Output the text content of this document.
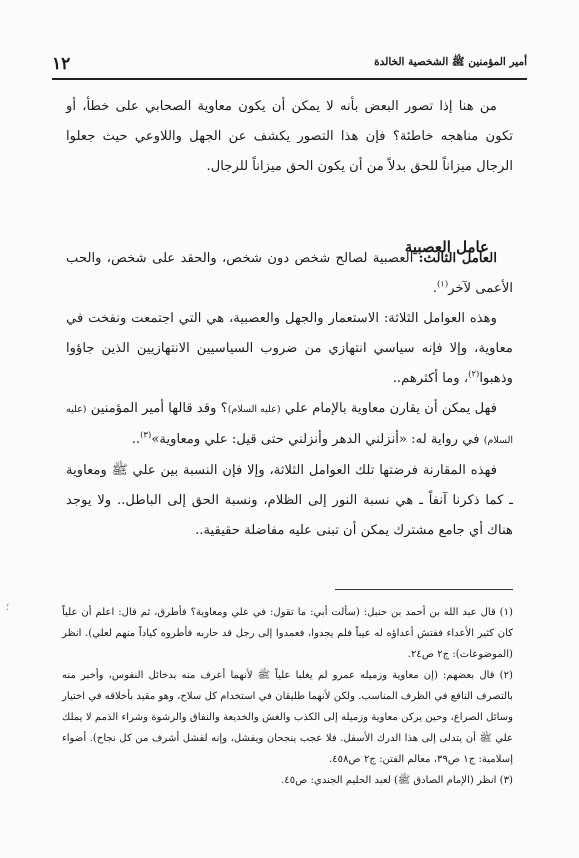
أمير المؤمنين ﷺ الشخصية الخالدة
١٢

من هنا إذا تصور البعض بأنه لا يمكن أن يكون معاوية الصحابي على خطأ، أو تكون مناهجه خاطئة؟ فإن هذا التصور يكشف عن الجهل واللاوعي حيث جعلوا الرجال ميزاناً للحق بدلاً من أن يكون الحق ميزاناً للرجال.

عامل العصبية

العامل الثالث: العصبية لصالح شخص دون شخص، والحقد على شخص، والحب الأعمى لآخر$^{(١)}$.

وهذه العوامل الثلاثة: الاستعمار والجهل والعصبية، هي التي اجتمعت ونفخت في معاوية، وإلا فإنه سياسي انتهازي من ضروب السياسيين الانتهازيين الذين جاؤوا وذهبوا$^{(٢)}$، وما أكثرهم..

فهل يمكن أن يقارن معاوية بالإمام علي (عليه السلام)؟ وقد قالها أمير المؤمنين (عليه السلام) في رواية له: «أنزلني الدهر وأنزلني حتى قيل: علي ومعاوية»$^{(٣)}$..

فهذه المقارنة فرضتها تلك العوامل الثلاثة، وإلا فإن النسبة بين علي ﷺ ومعاوية ـ كما ذكرنا آنفاً ـ هي نسبة النور إلى الظلام، ونسبة الحق إلى الباطل.. ولا يوجد هناك أي جامع مشترك يمكن أن تبنى عليه مفاضلة حقيقية..

(١) قال عبد الله بن أحمد بن حنبل: (سألت أبي: ما تقول: في علي ومعاوية؟ فأطرق، ثم قال: اعلم أن علياً كان كثير الأعداء ففتش أعداؤه له عيباً فلم يجدوا، فعمدوا إلى رجل قد حاربه فأطروه كياداً منهم لعلي). انظر (الموضوعات): ج٢ ص٢٤.

(٢) قال بعضهم: (إن معاوية وزميله عمرو لم يغلبا علياً ﷺ لأنهما أعرف منه بدخائل النفوس، وأخبر منه بالتصرف النافع في الظرف المناسب. ولكن لأنهما طليقان في استخدام كل سلاح، وهو مقيد بأخلاقه في اختيار وسائل الصراع، وحين يركن معاوية وزميله إلى الكذب والغش والخديعة والنفاق والرشوة وشراء الذمم لا يملك علي ﷺ أن يتدلى إلى هذا الدرك الأسفل. فلا عجب ينجحان ويفشل، وإنه لفشل أشرف من كل نجاح). أضواء إسلامية: ج١ ص٣٩، معالم الفتن: ج٢ ص٤٥٨.

(٣) انظر (الإمام الصادق ﷺ) لعبد الحليم الجندي: ص٤٥.

؛
